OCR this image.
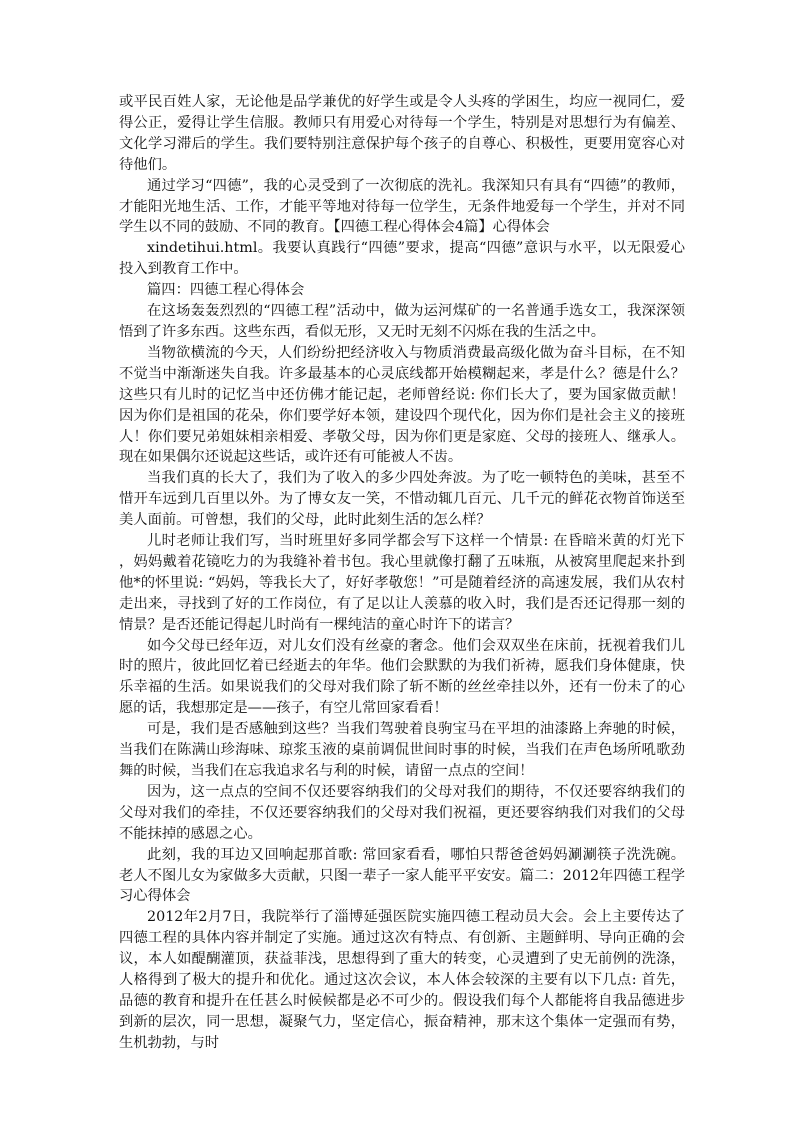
或平民百姓人家，无论他是品学兼优的好学生或是令人头疼的学困生，均应一视同仁，爱得公正，爱得让学生信服。教师只有用爱心对待每一个学生，特别是对思想行为有偏差、文化学习滞后的学生。我们要特别注意保护每个孩子的自尊心、积极性，更要用宽容心对待他们。

通过学习“四德”，我的心灵受到了一次彻底的洗礼。我深知只有具有“四德”的教师，才能阳光地生活、工作，才能平等地对待每一位学生，无条件地爱每一个学生，并对不同学生以不同的鼓励、不同的教育。【四德工程心得体会4篇】心得体会

xindetihui.html。我要认真践行“四德”要求，提高“四德”意识与水平，以无限爱心投入到教育工作中。

篇四：四德工程心得体会

在这场轰轰烈烈的“四德工程”活动中，做为运河煤矿的一名普通手选女工，我深深领悟到了许多东西。这些东西，看似无形，又无时无刻不闪烁在我的生活之中。

当物欲横流的今天，人们纷纷把经济收入与物质消费最高级化做为奋斗目标，在不知不觉当中渐渐迷失自我。许多最基本的心灵底线都开始模糊起来，孝是什么？德是什么？这些只有儿时的记忆当中还仿佛才能记起，老师曾经说: 你们长大了，要为国家做贡献！因为你们是祖国的花朵，你们要学好本领，建设四个现代化，因为你们是社会主义的接班人！你们要兄弟姐妹相亲相爱、孝敬父母，因为你们更是家庭、父母的接班人、继承人。现在如果偶尔还说起这些话，或许还有可能被人不齿。

当我们真的长大了，我们为了收入的多少四处奔波。为了吃一顿特色的美味，甚至不惜开车远到几百里以外。为了博女友一笑，不惜动辄几百元、几千元的鲜花衣物首饰送至美人面前。可曾想，我们的父母，此时此刻生活的怎么样？

儿时老师让我们写，当时班里好多同学都会写下这样一个情景: 在昏暗米黄的灯光下，妈妈戴着花镜吃力的为我缝补着书包。我心里就像打翻了五味瓶，从被窝里爬起来扑到他*的怀里说: “妈妈，等我长大了，好好孝敬您！”可是随着经济的高速发展，我们从农村走出来，寻找到了好的工作岗位，有了足以让人羡慕的收入时，我们是否还记得那一刻的情景？是否还能记得起儿时尚有一棵纯洁的童心时许下的诺言？

如今父母已经年迈，对儿女们没有丝豪的奢念。他们会双双坐在床前，抚视着我们儿时的照片，彼此回忆着已经逝去的年华。他们会默默的为我们祈祷，愿我们身体健康，快乐幸福的生活。如果说我们的父母对我们除了斩不断的丝丝牵挂以外，还有一份未了的心愿的话，我想那定是——孩子，有空儿常回家看看！

可是，我们是否感触到这些？当我们驾驶着良驹宝马在平坦的油漆路上奔驰的时候，当我们在陈满山珍海味、琼浆玉液的桌前调侃世间时事的时候，当我们在声色场所吼歌劲舞的时候，当我们在忘我追求名与利的时候，请留一点点的空间！

因为，这一点点的空间不仅还要容纳我们的父母对我们的期待，不仅还要容纳我们的父母对我们的牵挂，不仅还要容纳我们的父母对我们祝福，更还要容纳我们对我们的父母不能抹掉的感恩之心。

此刻，我的耳边又回响起那首歌: 常回家看看，哪怕只帮爸爸妈妈涮涮筷子洗洗碗。老人不图儿女为家做多大贡献，只图一辈子一家人能平平安安。篇二：2012年四德工程学习心得体会

2012年2月7日，我院举行了淄博延强医院实施四德工程动员大会。会上主要传达了四德工程的具体内容并制定了实施。通过这次有特点、有创新、主题鲜明、导向正确的会议，本人如醍醐灌顶，获益菲浅，思想得到了重大的转变，心灵遭到了史无前例的洗涤，人格得到了极大的提升和优化。通过这次会议，本人体会较深的主要有以下几点: 首先，品德的教育和提升在任甚么时候候都是必不可少的。假设我们每个人都能将自我品德进步到新的层次，同一思想，凝聚气力，坚定信心，振奋精神，那末这个集体一定强而有势，生机勃勃，与时
